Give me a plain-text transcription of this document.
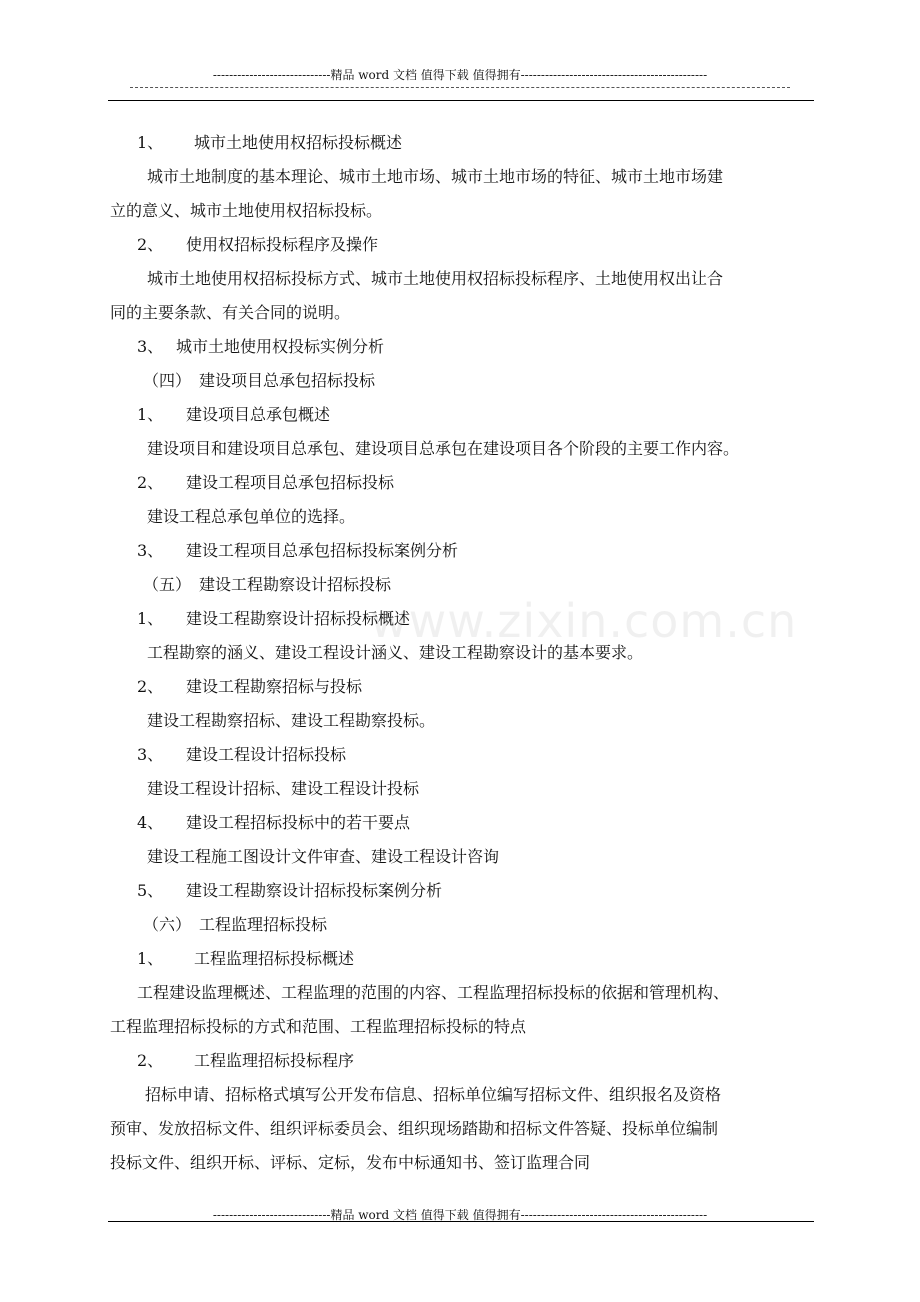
-----------------------------精品 word 文档 值得下载 值得拥有----------------------------------------------
www.zixin.com.cn
1、 城市土地使用权招标投标概述
城市土地制度的基本理论、城市土地市场、城市土地市场的特征、城市土地市场建
立的意义、城市土地使用权招标投标。
2、 使用权招标投标程序及操作
城市土地使用权招标投标方式、城市土地使用权招标投标程序、土地使用权出让合
同的主要条款、有关合同的说明。
3、 城市土地使用权投标实例分析
（四）　建设项目总承包招标投标
1、 建设项目总承包概述
建设项目和建设项目总承包、建设项目总承包在建设项目各个阶段的主要工作内容。
2、 建设工程项目总承包招标投标
建设工程总承包单位的选择。
3、 建设工程项目总承包招标投标案例分析
（五）　建设工程勘察设计招标投标
1、 建设工程勘察设计招标投标概述
工程勘察的涵义、建设工程设计涵义、建设工程勘察设计的基本要求。
2、 建设工程勘察招标与投标
建设工程勘察招标、建设工程勘察投标。
3、 建设工程设计招标投标
建设工程设计招标、建设工程设计投标
4、 建设工程招标投标中的若干要点
建设工程施工图设计文件审查、建设工程设计咨询
5、 建设工程勘察设计招标投标案例分析
（六）　工程监理招标投标
1、 工程监理招标投标概述
工程建设监理概述、工程监理的范围的内容、工程监理招标投标的依据和管理机构、
工程监理招标投标的方式和范围、工程监理招标投标的特点
2、 工程监理招标投标程序
招标申请、招标格式填写公开发布信息、招标单位编写招标文件、组织报名及资格
预审、发放招标文件、组织评标委员会、组织现场踏勘和招标文件答疑、投标单位编制
投标文件、组织开标、评标、定标，发布中标通知书、签订监理合同
-----------------------------精品 word 文档 值得下载 值得拥有----------------------------------------------
